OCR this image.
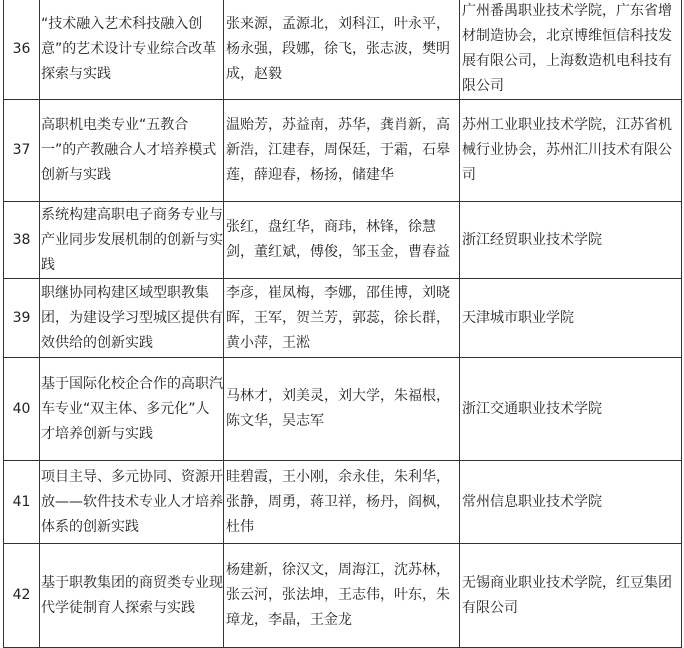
36	“技术融入艺术科技融入创意”的艺术设计专业综合改革探索与实践	张来源，孟源北，刘科江，叶永平，杨永强，段娜，徐飞，张志波，樊明成，赵毅	广州番禺职业技术学院，广东省增材制造协会，北京博维恒信科技发展有限公司，上海数造机电科技有限公司
37	高职机电类专业“五教合一”的产教融合人才培养模式创新与实践	温贻芳，苏益南，苏华，龚肖新，高新浩，江建春，周保廷，于霜，石皋莲，薛迎春，杨扬，储建华	苏州工业职业技术学院，江苏省机械行业协会，苏州汇川技术有限公司
38	系统构建高职电子商务专业与产业同步发展机制的创新与实践	张红，盘红华，商玮，林锋，徐慧剑，董红斌，傅俊，邹玉金，曹春益	浙江经贸职业技术学院
39	职继协同构建区域型职教集团，为建设学习型城区提供有效供给的创新实践	李彦，崔凤梅，李娜，邵佳博，刘晓晖，王军，贺兰芳，郭蕊，徐长群，黄小萍，王淞	天津城市职业学院
40	基于国际化校企合作的高职汽车专业“双主体、多元化”人才培养创新与实践	马林才，刘美灵，刘大学，朱福根，陈文华，吴志军	浙江交通职业技术学院
41	项目主导、多元协同、资源开放——软件技术专业人才培养体系的创新实践	眭碧霞，王小刚，余永佳，朱利华，张静，周勇，蒋卫祥，杨丹，阎枫，杜伟	常州信息职业技术学院
42	基于职教集团的商贸类专业现代学徒制育人探索与实践	杨建新，徐汉文，周海江，沈苏林，张云河，张法坤，王志伟，叶东，朱璋龙，李晶，王金龙	无锡商业职业技术学院，红豆集团有限公司
